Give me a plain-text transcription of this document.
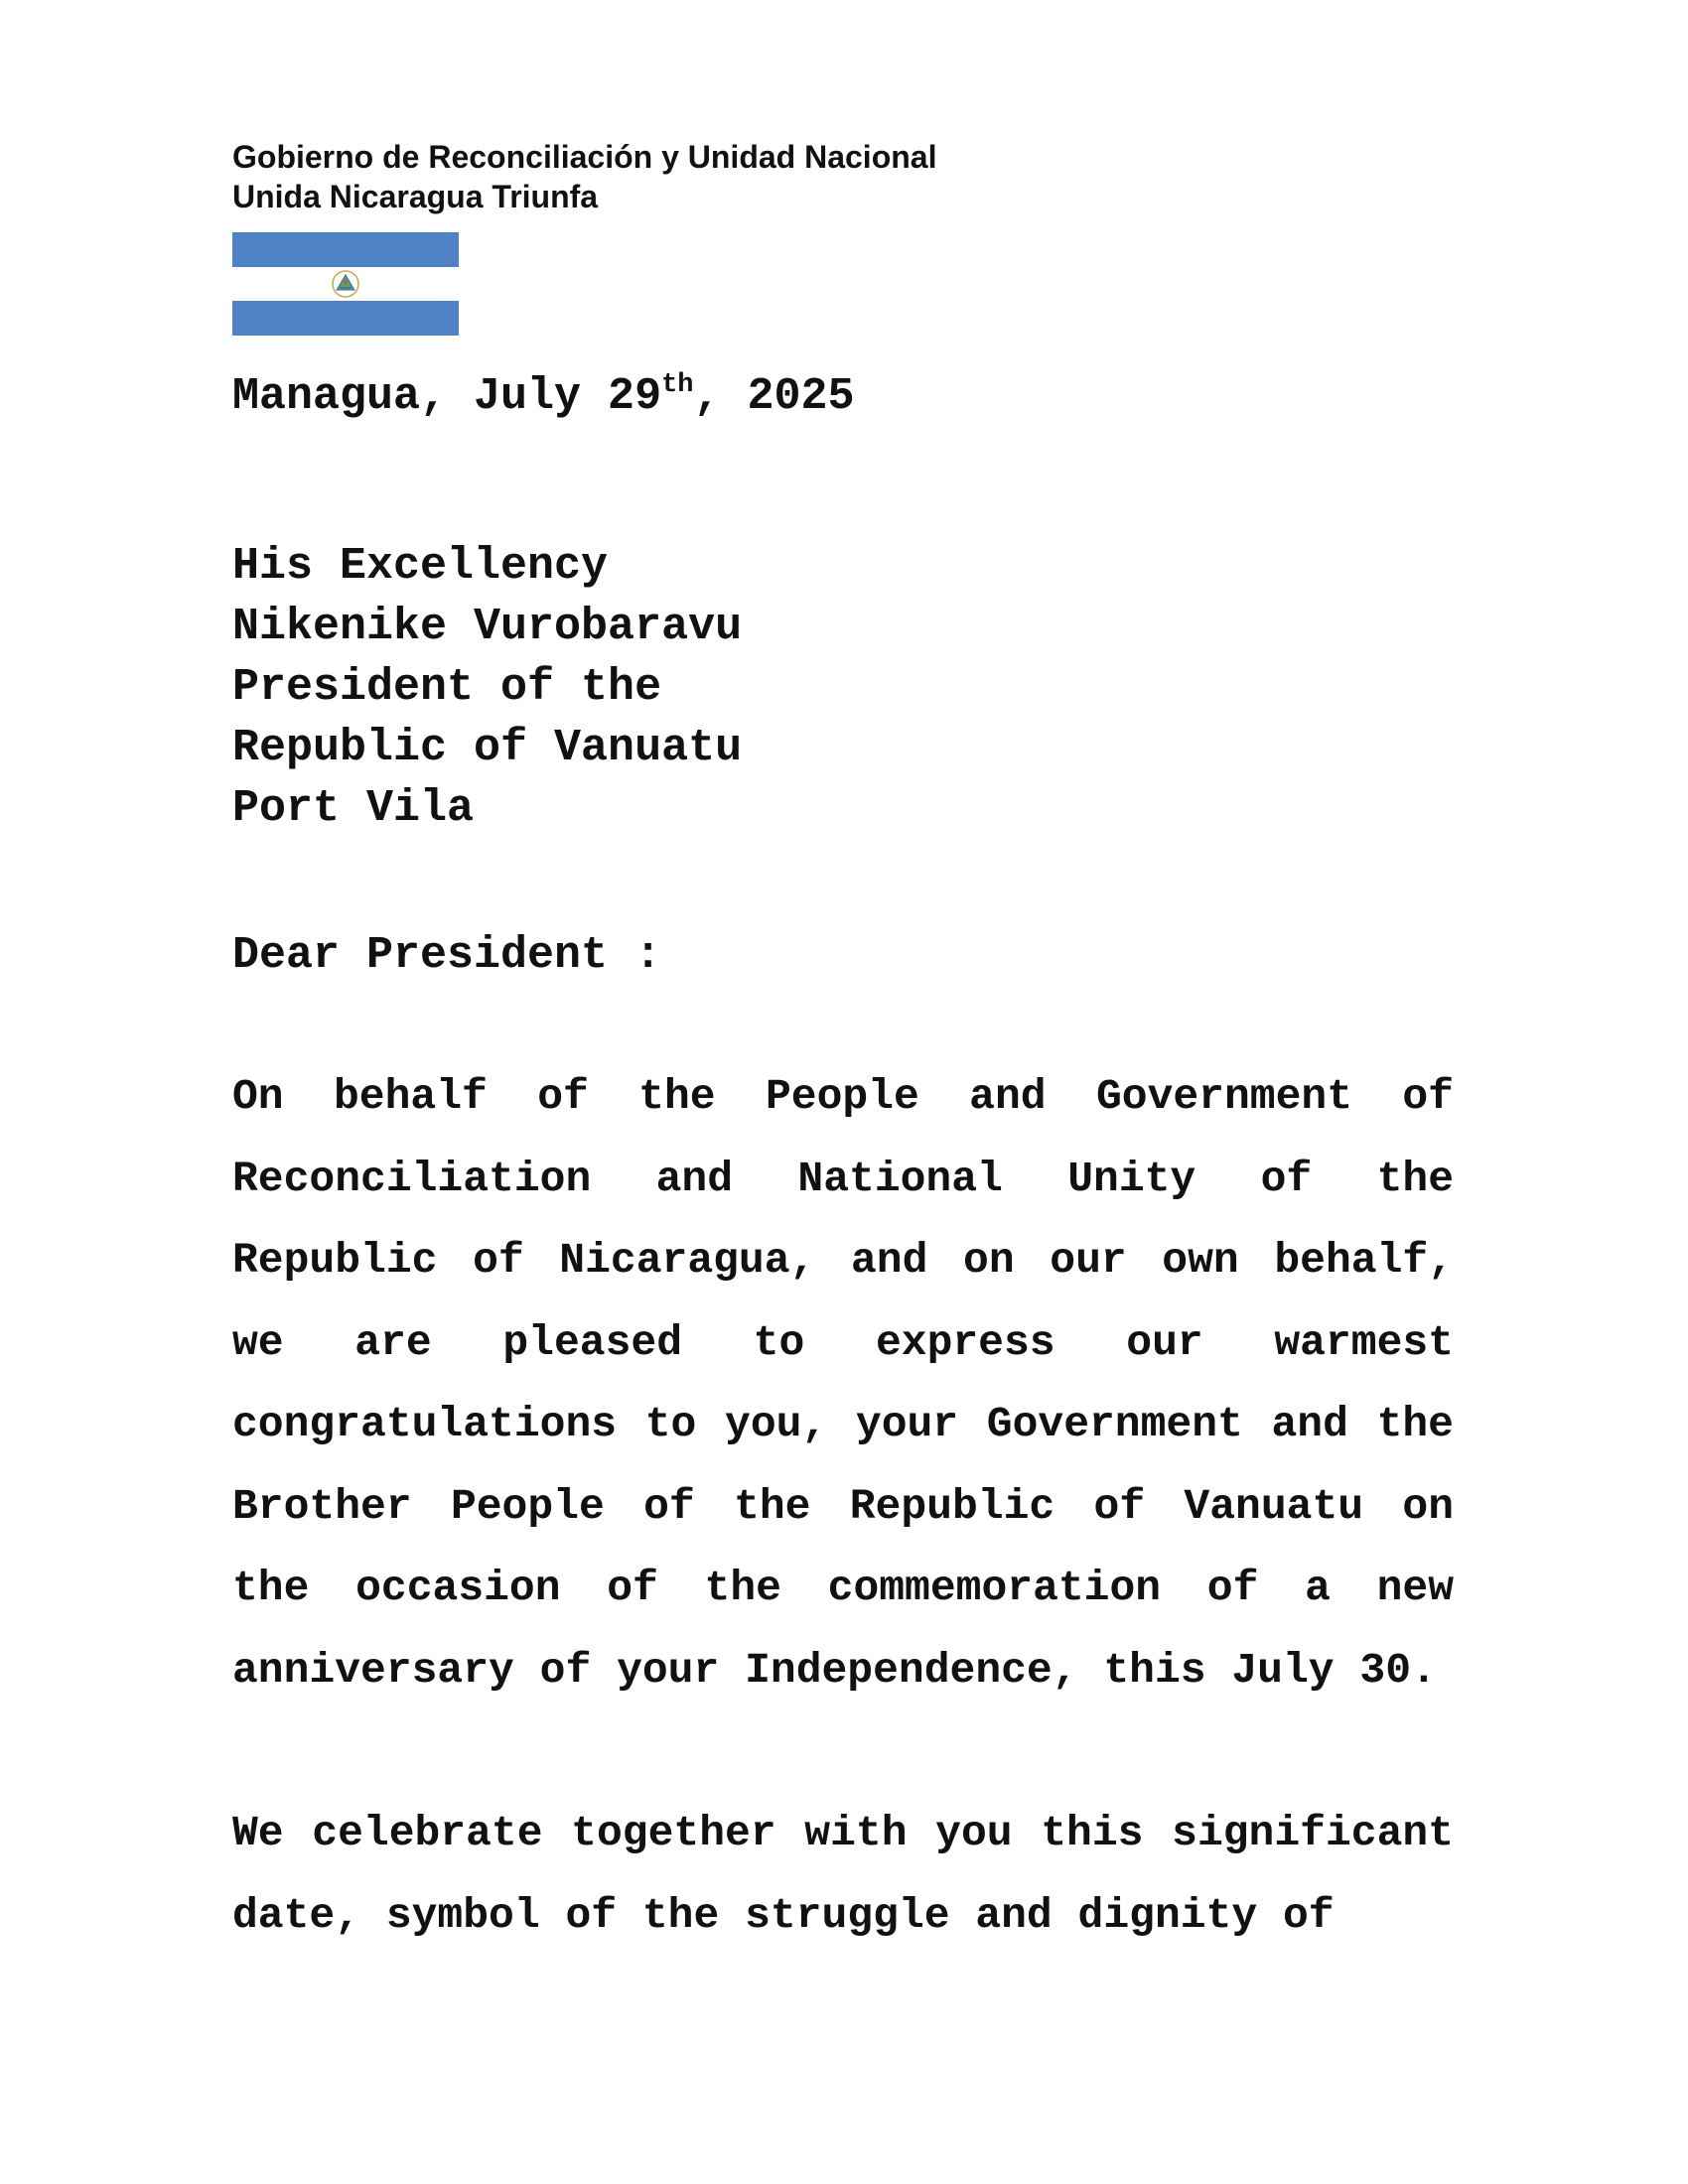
Gobierno de Reconciliación y Unidad Nacional
Unida Nicaragua Triunfa
Managua, July 29th, 2025
His Excellency
Nikenike Vurobaravu
President of the
Republic of Vanuatu
Port Vila
Dear President :

On behalf of the People and Government of Reconciliation and National Unity of the Republic of Nicaragua, and on our own behalf, we are pleased to express our warmest congratulations to you, your Government and the Brother People of the Republic of Vanuatu on the occasion of the commemoration of a new anniversary of your Independence, this July 30.

We celebrate together with you this significant date, symbol of the struggle and dignity of
